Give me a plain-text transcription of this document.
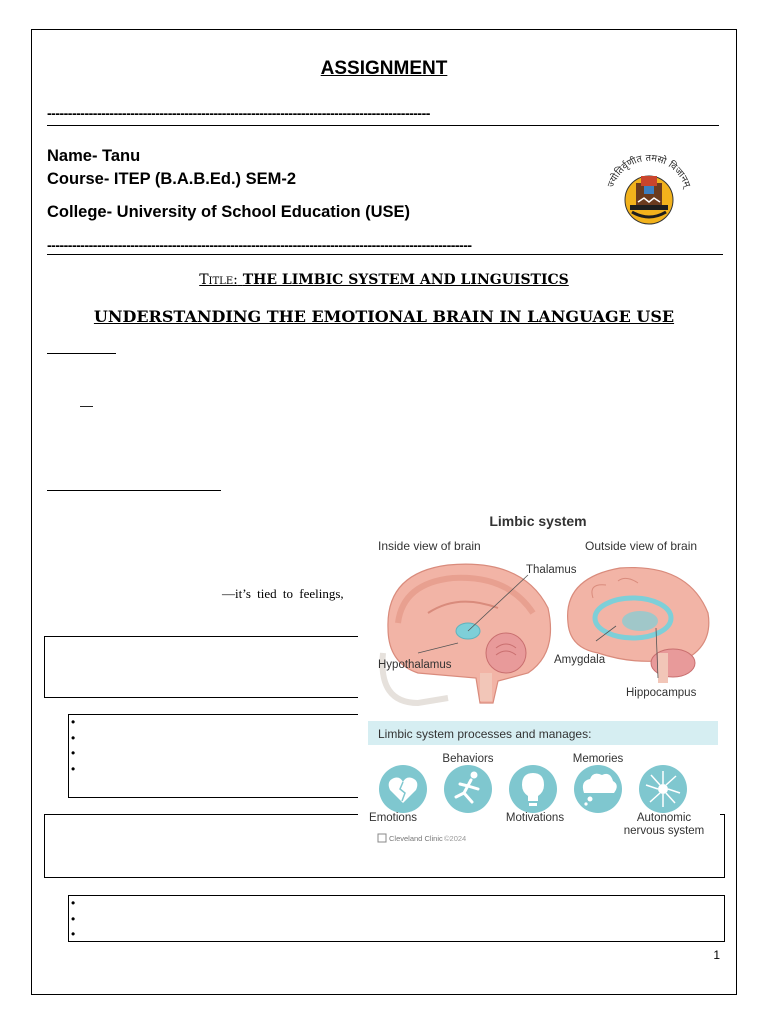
ASSIGNMENT
--------------------------------------------------------------------------------------------
Name- Tanu
Course- ITEP (B.A.B.Ed.) SEM-2
College- University of School Education (USE)
ज्योतिर्वृणीत तमसो विजानम्
------------------------------------------------------------------------------------------------------
Title: THE LIMBIC SYSTEM AND LINGUISTICS
UNDERSTANDING THE EMOTIONAL BRAIN IN LANGUAGE USE
—
—it’s tied to feelings,
•
•
•
•
•
•
•
Limbic system
Inside view of brain	Outside view of brain
Thalamus
Hypothalamus	Amygdala
Hippocampus
Limbic system processes and manages:
Behaviors	Memories
Emotions	Motivations	Autonomic
nervous system
Cleveland Clinic ©2024
1
